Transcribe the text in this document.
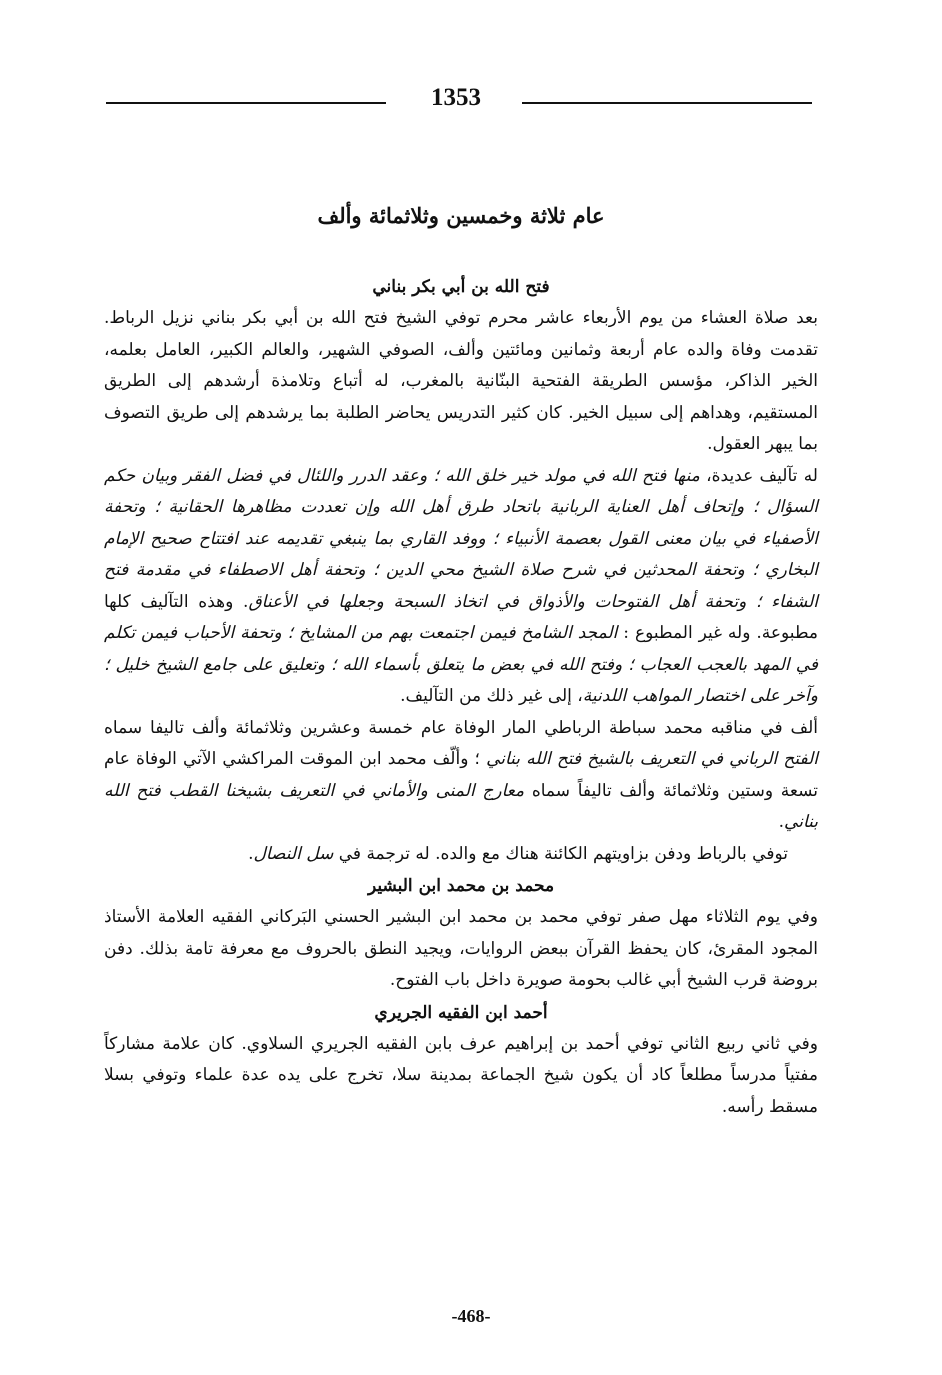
1353
عام ثلاثة وخمسين وثلاثمائة وألف
فتح الله بن أبي بكر بناني

بعد صلاة العشاء من يوم الأربعاء عاشر محرم توفي الشيخ فتح الله بن أبي بكر بناني نزيل الرباط. تقدمت وفاة والده عام أربعة وثمانين ومائتين وألف، الصوفي الشهير، والعالم الكبير، العامل بعلمه، الخير الذاكر، مؤسس الطريقة الفتحية البنّانية بالمغرب، له أتباع وتلامذة أرشدهم إلى الطريق المستقيم، وهداهم إلى سبيل الخير. كان كثير التدريس يحاضر الطلبة بما يرشدهم إلى طريق التصوف بما يبهر العقول.

له تآليف عديدة، منها فتح الله في مولد خير خلق الله ؛ وعقد الدرر واللئال في فضل الفقر وبيان حكم السؤال ؛ وإتحاف أهل العناية الربانية باتحاد طرق أهل الله وإن تعددت مظاهرها الحقانية ؛ وتحفة الأصفياء في بيان معنى القول بعصمة الأنبياء ؛ ووفد القاري بما ينبغي تقديمه عند افتتاح صحيح الإمام البخاري ؛ وتحفة المحدثين في شرح صلاة الشيخ محي الدين ؛ وتحفة أهل الاصطفاء في مقدمة فتح الشفاء ؛ وتحفة أهل الفتوحات والأذواق في اتخاذ السبحة وجعلها في الأعناق. وهذه التآليف كلها مطبوعة. وله غير المطبوع : المجد الشامخ فيمن اجتمعت بهم من المشايخ ؛ وتحفة الأحباب فيمن تكلم في المهد بالعجب العجاب ؛ وفتح الله في بعض ما يتعلق بأسماء الله ؛ وتعليق على جامع الشيخ خليل ؛ وآخر على اختصار المواهب اللدنية، إلى غير ذلك من التآليف.

ألف في مناقبه محمد سباطة الرباطي المار الوفاة عام خمسة وعشرين وثلاثمائة وألف تاليفا سماه الفتح الرباني في التعريف بالشيخ فتح الله بناني ؛ وألّف محمد ابن الموقت المراكشي الآتي الوفاة عام تسعة وستين وثلاثمائة وألف تاليفاً سماه معارج المنى والأماني في التعريف بشيخنا القطب فتح الله بناني.

توفي بالرباط ودفن بزاويتهم الكائنة هناك مع والده. له ترجمة في سل النصال.

محمد بن محمد ابن البشير

وفي يوم الثلاثاء مهل صفر توفي محمد بن محمد ابن البشير الحسني البَركاني الفقيه العلامة الأستاذ المجود المقرئ، كان يحفظ القرآن ببعض الروايات، ويجيد النطق بالحروف مع معرفة تامة بذلك. دفن بروضة قرب الشيخ أبي غالب بحومة صويرة داخل باب الفتوح.

أحمد ابن الفقيه الجريري

وفي ثاني ربيع الثاني توفي أحمد بن إبراهيم عرف بابن الفقيه الجريري السلاوي. كان علامة مشاركاً مفتياً مدرساً مطلعاً كاد أن يكون شيخ الجماعة بمدينة سلا، تخرج على يده عدة علماء وتوفي بسلا مسقط رأسه.

-468-
